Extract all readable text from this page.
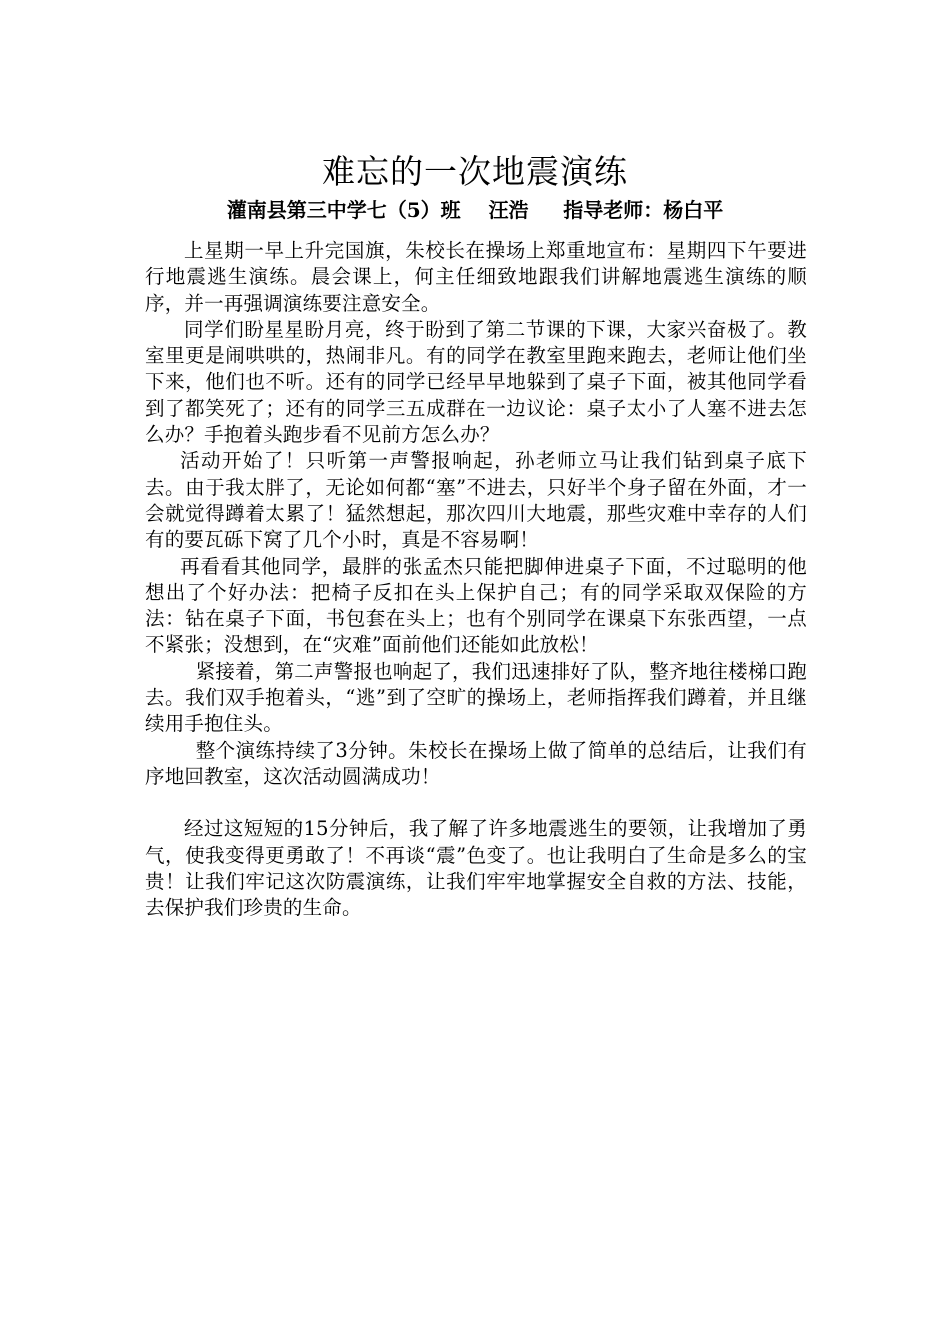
难忘的一次地震演练
灌南县第三中学七（5）班    汪浩     指导老师：杨白平

上星期一早上升完国旗，朱校长在操场上郑重地宣布：星期四下午要进行地震逃生演练。晨会课上，何主任细致地跟我们讲解地震逃生演练的顺序，并一再强调演练要注意安全。

同学们盼星星盼月亮，终于盼到了第二节课的下课，大家兴奋极了。教室里更是闹哄哄的，热闹非凡。有的同学在教室里跑来跑去，老师让他们坐下来，他们也不听。还有的同学已经早早地躲到了桌子下面，被其他同学看到了都笑死了；还有的同学三五成群在一边议论：桌子太小了人塞不进去怎么办？手抱着头跑步看不见前方怎么办？

活动开始了！只听第一声警报响起，孙老师立马让我们钻到桌子底下去。由于我太胖了，无论如何都“塞”不进去，只好半个身子留在外面，才一会就觉得蹲着太累了！猛然想起，那次四川大地震，那些灾难中幸存的人们有的要瓦砾下窝了几个小时，真是不容易啊！

再看看其他同学，最胖的张孟杰只能把脚伸进桌子下面，不过聪明的他想出了个好办法：把椅子反扣在头上保护自己；有的同学采取双保险的方法：钻在桌子下面，书包套在头上；也有个别同学在课桌下东张西望，一点不紧张；没想到，在“灾难”面前他们还能如此放松！

紧接着，第二声警报也响起了，我们迅速排好了队，整齐地往楼梯口跑去。我们双手抱着头，“逃”到了空旷的操场上，老师指挥我们蹲着，并且继续用手抱住头。

整个演练持续了3分钟。朱校长在操场上做了简单的总结后，让我们有序地回教室，这次活动圆满成功！

经过这短短的15分钟后，我了解了许多地震逃生的要领，让我增加了勇气，使我变得更勇敢了！不再谈“震”色变了。也让我明白了生命是多么的宝贵！让我们牢记这次防震演练，让我们牢牢地掌握安全自救的方法、技能，去保护我们珍贵的生命。
